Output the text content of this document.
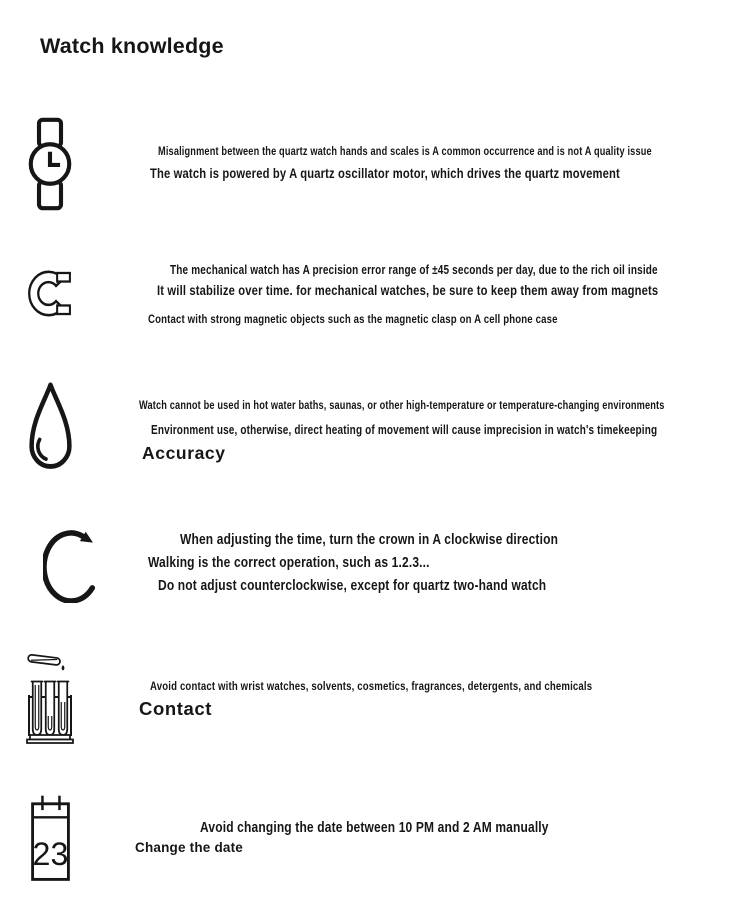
Watch knowledge

Misalignment between the quartz watch hands and scales is A common occurrence and is not A quality issue

The watch is powered by A quartz oscillator motor, which drives the quartz movement

The mechanical watch has A precision error range of ±45 seconds per day, due to the rich oil inside

It will stabilize over time. for mechanical watches, be sure to keep them away from magnets

Contact with strong magnetic objects such as the magnetic clasp on A cell phone case

Watch cannot be used in hot water baths, saunas, or other high-temperature or temperature-changing environments

Environment use, otherwise, direct heating of movement will cause imprecision in watch's timekeeping

Accuracy

When adjusting the time, turn the crown in A clockwise direction

Walking is the correct operation, such as 1.2.3...

Do not adjust counterclockwise, except for quartz two-hand watch

Avoid contact with wrist watches, solvents, cosmetics, fragrances, detergents, and chemicals

Contact

23

Avoid changing the date between 10 PM and 2 AM manually

Change the date
